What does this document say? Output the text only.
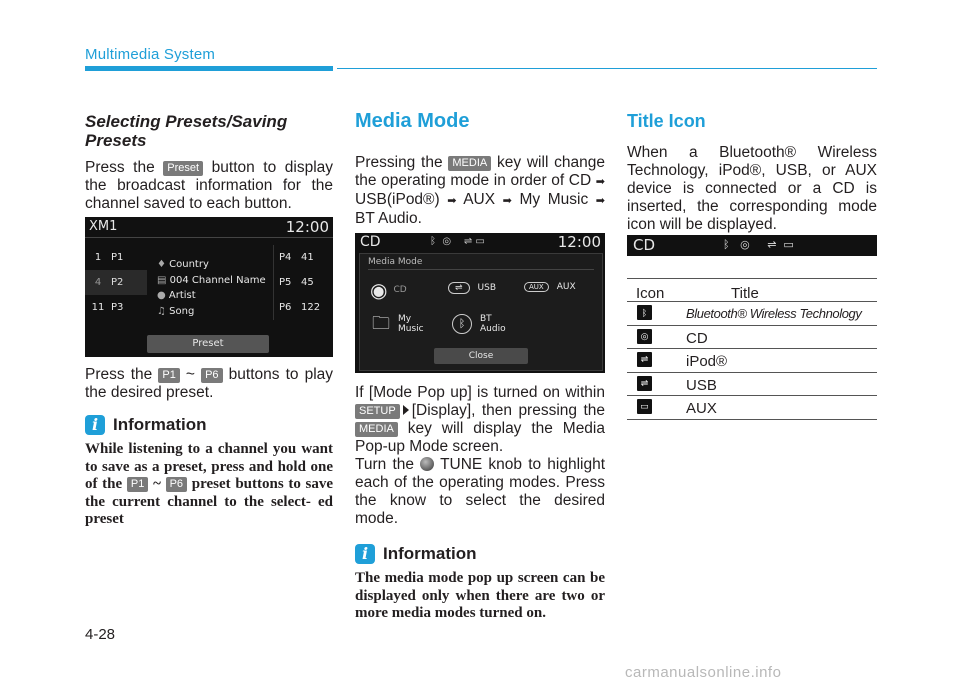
Multimedia System
Selecting Presets/Saving Presets

Press the Preset button to display the broadcast information for the channel saved to each button.

XM1	12:00
1 P1
4 P2
11 P3
♦ Country
▤ 004 Channel Name
● Artist
♫ Song
P4 41
P5 45
P6 122
Preset

Press the P1 ~ P6 buttons to play the desired preset.

i Information

While listening to a channel you want to save as a preset, press and hold one of the P1 ~ P6 preset buttons to save the current channel to the select- ed preset

Media Mode

Pressing the MEDIA key will change the operating mode in order of CD ➡ USB(iPod®) ➡ AUX ➡ My Music ➡ BT Audio.

CD	ᛒ ◎ ⇌ ▭	12:00
Media Mode
◉ CD	⇌	USB	AUX	AUX
🗀 My Music	ᛒ	BT Audio
Close

If [Mode Pop up] is turned on within SETUP [Display], then pressing the MEDIA key will display the Media Pop-up Mode screen.

Turn the TUNE knob to highlight each of the operating modes. Press the know to select the desired mode.

i Information

The media mode pop up screen can be displayed only when there are two or more media modes turned on.

Title Icon

When a Bluetooth® Wireless Technology, iPod®, USB, or AUX device is connected or a CD is inserted, the corresponding mode icon will be displayed.

CD	ᛒ ◎ ⇌ ▭
Icon	Title
ᛒ	Bluetooth® Wireless Technology
◎	CD
⇌	iPod®
⇌	USB
▭ AUX
4-28
carmanualsonline.info
